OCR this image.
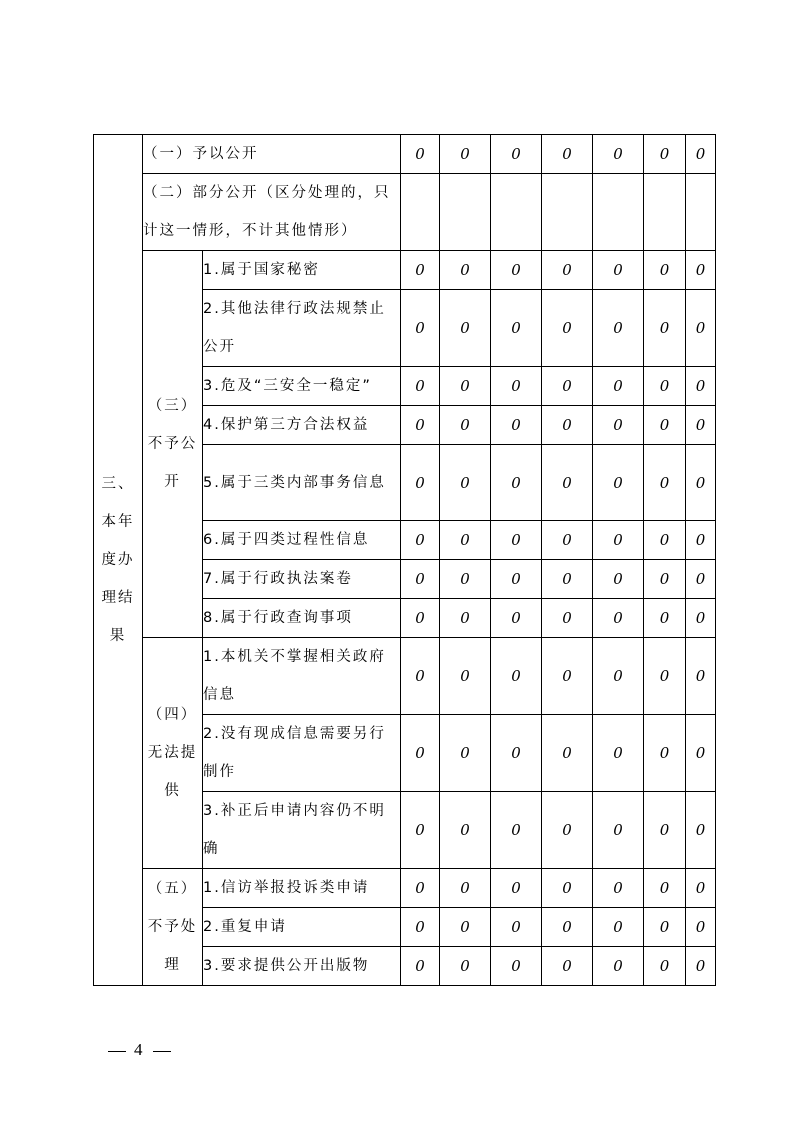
三、本年度办理结果	（一）予以公开		0	0	0	0	0	0	0
	（二）部分公开（区分处理的，只计这一情形，不计其他情形）								
	（三）不予公开	1.属于国家秘密	0	0	0	0	0	0	0
		2.其他法律行政法规禁止公开	0	0	0	0	0	0	0
		3.危及“三安全一稳定”	0	0	0	0	0	0	0
		4.保护第三方合法权益	0	0	0	0	0	0	0
		5.属于三类内部事务信息	0	0	0	0	0	0	0
		6.属于四类过程性信息	0	0	0	0	0	0	0
		7.属于行政执法案卷	0	0	0	0	0	0	0
		8.属于行政查询事项	0	0	0	0	0	0	0
	（四）无法提供	1.本机关不掌握相关政府信息	0	0	0	0	0	0	0
		2.没有现成信息需要另行制作	0	0	0	0	0	0	0
		3.补正后申请内容仍不明确	0	0	0	0	0	0	0
	（五）不予处理	1.信访举报投诉类申请	0	0	0	0	0	0	0
		2.重复申请	0	0	0	0	0	0	0
		3.要求提供公开出版物	0	0	0	0	0	0	0
4
